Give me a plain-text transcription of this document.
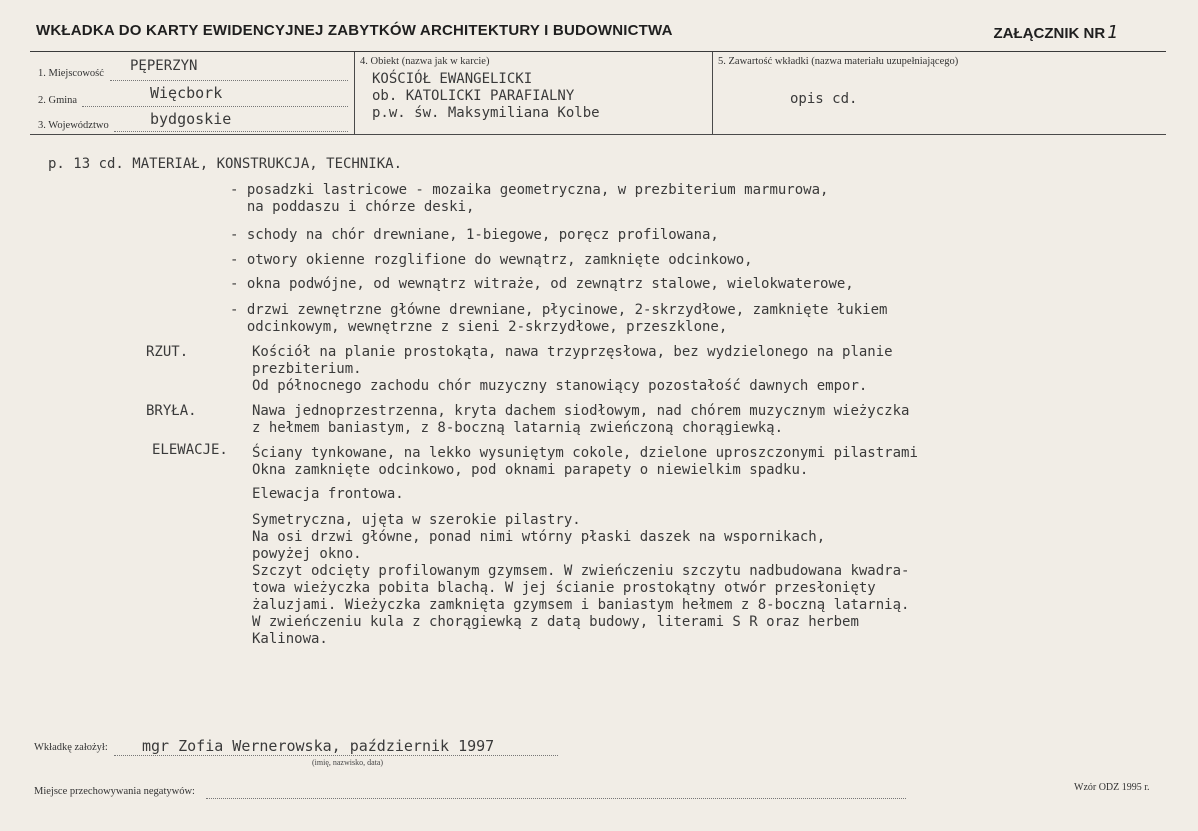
WKŁADKA DO KARTY EWIDENCYJNEJ ZABYTKÓW ARCHITEKTURY I BUDOWNICTWA	ZAŁĄCZNIK NR 1
1. Miejscowość PĘPERZYN
2. Gmina	Więcbork
3. Województwo	bydgoskie
4. Obiekt (nazwa jak w karcie)
KOŚCIÓŁ EWANGELICKI
ob. KATOLICKI PARAFIALNY
p.w. św. Maksymiliana Kolbe
5. Zawartość wkładki (nazwa materiału uzupełniającego)
opis cd.
p. 13 cd. MATERIAŁ, KONSTRUKCJA, TECHNIKA.
- posadzki lastricowe - mozaika geometryczna, w prezbiterium marmurowa,
na poddaszu i chórze deski,
- schody na chór drewniane, 1-biegowe, poręcz profilowana,
- otwory okienne rozglifione do wewnątrz, zamknięte odcinkowo,
- okna podwójne, od wewnątrz witraże, od zewnątrz stalowe, wielokwaterowe,
- drzwi zewnętrzne główne drewniane, płycinowe, 2-skrzydłowe, zamknięte łukiem
odcinkowym, wewnętrzne z sieni 2-skrzydłowe, przeszklone,
RZUT.	Kościół na planie prostokąta, nawa trzyprzęsłowa, bez wydzielonego na planie
prezbiterium.
Od północnego zachodu chór muzyczny stanowiący pozostałość dawnych empor.
BRYŁA.	Nawa jednoprzestrzenna, kryta dachem siodłowym, nad chórem muzycznym wieżyczka
z hełmem baniastym, z 8-boczną latarnią zwieńczoną chorągiewką.
ELEWACJE. Ściany tynkowane, na lekko wysuniętym cokole, dzielone uproszczonymi pilastrami
Okna zamknięte odcinkowo, pod oknami parapety o niewielkim spadku.
Elewacja frontowa.
Symetryczna, ujęta w szerokie pilastry.
Na osi drzwi główne, ponad nimi wtórny płaski daszek na wspornikach,
powyżej okno.
Szczyt odcięty profilowanym gzymsem. W zwieńczeniu szczytu nadbudowana kwadra-
towa wieżyczka pobita blachą. W jej ścianie prostokątny otwór przesłonięty
żaluzjami. Wieżyczka zamknięta gzymsem i baniastym hełmem z 8-boczną latarnią.
W zwieńczeniu kula z chorągiewką z datą budowy, literami S R oraz herbem
Kalinowa.
Wkładkę założył: mgr Zofia Wernerowska, październik 1997
(imię, nazwisko, data)
Miejsce przechowywania negatywów:	Wzór ODZ 1995 r.
